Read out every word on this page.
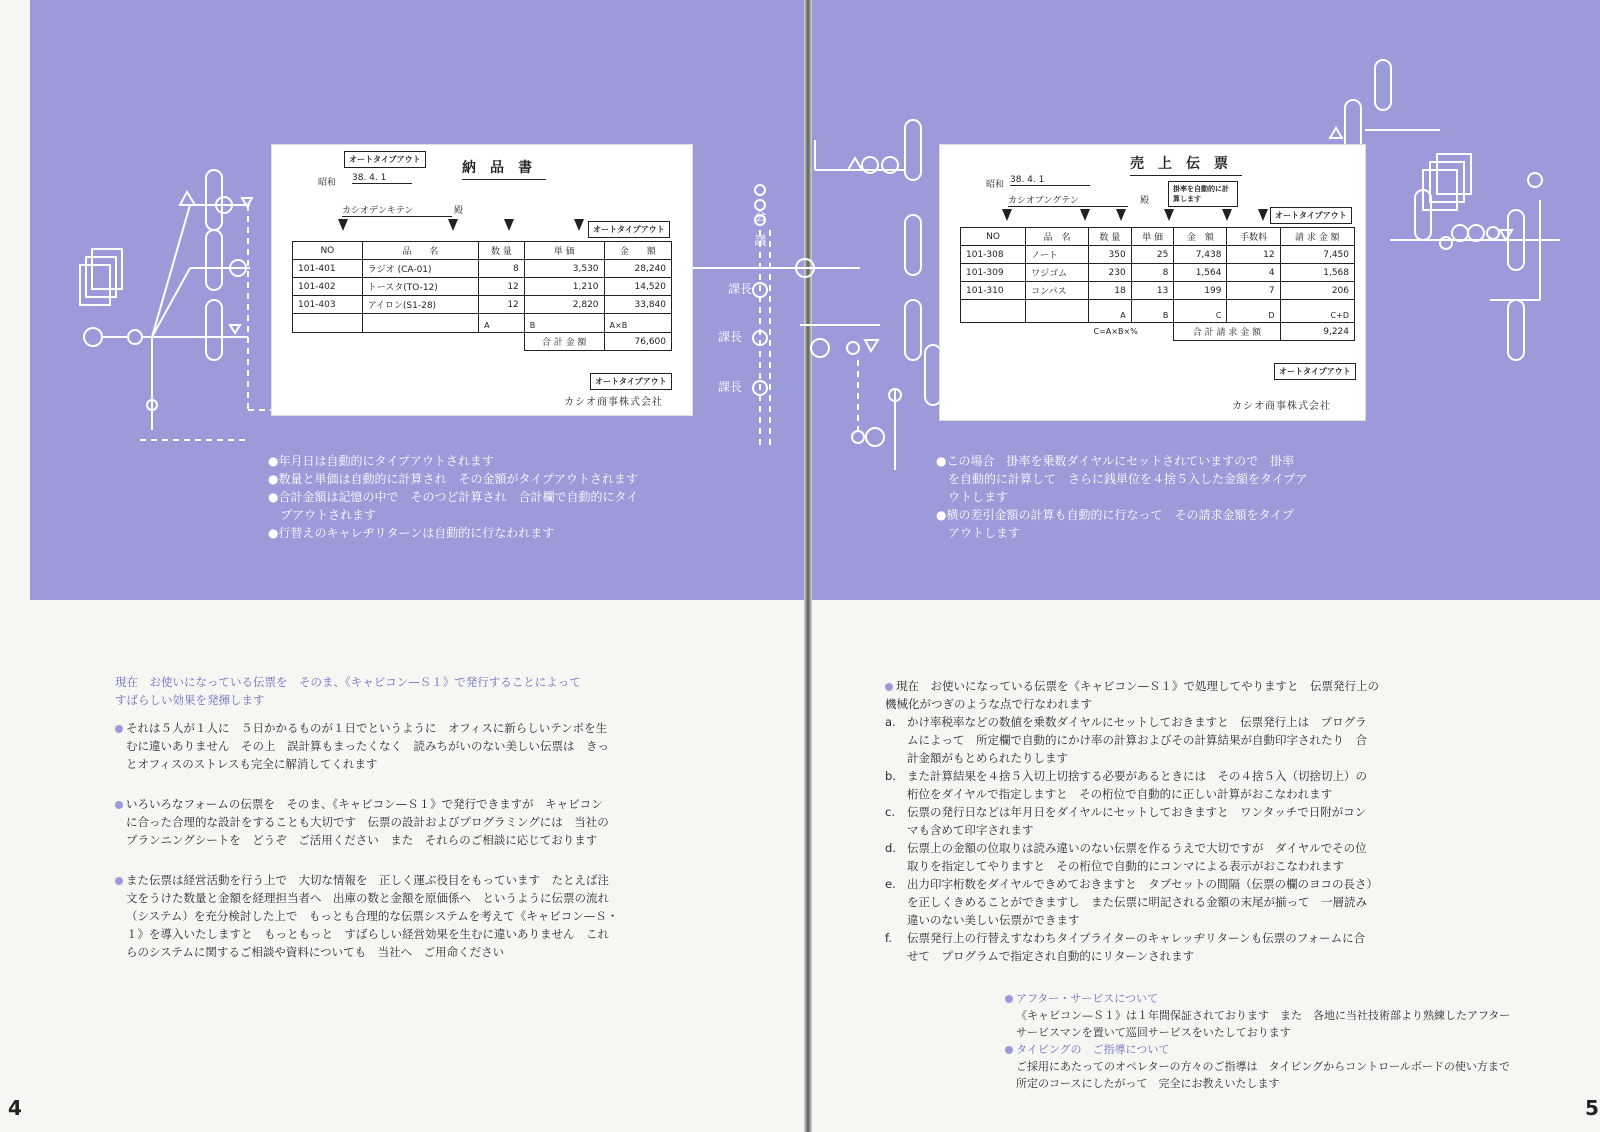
会 議
課長
課長
課長
オートタイプアウト
納品書
昭和 38. 4. 1
カシオデンキテン	殿
オートタイプアウト
NO	品　　名	数 量	単 価	金　　額
101-401	ラジオ (CA-01)	8	3,530	28,240
101-402	トースタ(TO-12)	12	1,210	14,520
101-403	アイロン(S1-28)	12	2,820	33,840
		A	B	A×B
			合 計 金 額	76,600
オートタイプアウト
カシオ商事株式会社
売上伝票
昭和 38. 4. 1
カシオブングテン	殿
掛率を自動的に計算します
オートタイプアウト
NO	品　名	数 量	単 価	金　額	手数料	請 求 金 額
101-308	ノート	350	25	7,438	12	7,450
101-309	ワジゴム	230	8	1,564	4	1,568
101-310	コンパス	18	13	199	7	206
		A	B	C	D	C+D
		C=A×B×%		合 計 請 求 金 額		9,224
オートタイプアウト
カシオ商事株式会社

●年月日は自動的にタイプアウトされます

●数量と単価は自動的に計算され　その金額がタイプアウトされます

●合計金額は記憶の中で　そのつど計算され　合計欄で自動的にタイ

　プアウトされます

●行替えのキャレヂリターンは自動的に行なわれます

●この場合　掛率を乗数ダイヤルにセットされていますので　掛率

　を自動的に計算して　さらに銭単位を４捨５入した金額をタイプア

　ウトします

●横の差引金額の計算も自動的に行なって　その請求金額をタイプ

　アウトします

現在　お使いになっている伝票を　そのま、《キャビコン—Ｓ１》で発行することによって

すばらしい効果を発揮します

それは５人が１人に　５日かかるものが１日でというように　オフィスに新らしいテンポを生

むに違いありません　その上　誤計算もまったくなく　読みちがいのない美しい伝票は　きっ

とオフィスのストレスも完全に解消してくれます

いろいろなフォームの伝票を　そのま、《キャビコン—Ｓ１》で発行できますが　キャビコン

に合った合理的な設計をすることも大切です　伝票の設計およびプログラミングには　当社の

プランニングシートを　どうぞ　ご活用ください　また　それらのご相談に応じております

また伝票は経営活動を行う上で　大切な情報を　正しく運ぶ役目をもっています　たとえば注

文をうけた数量と金額を経理担当者へ　出庫の数と金額を原価係へ　というように伝票の流れ

（システム）を充分検討した上で　もっとも合理的な伝票システムを考えて《キャビコン—Ｓ・

１》を導入いたしますと　もっともっと　すばらしい経営効果を生むに違いありません　これ

らのシステムに関するご相談や資料についても　当社へ　ご用命ください

現在　お使いになっている伝票を《キャビコン—Ｓ１》で処理してやりますと　伝票発行上の

機械化がつぎのような点で行なわれます

a. かけ率税率などの数値を乗数ダイヤルにセットしておきますと　伝票発行上は　プログラ

ムによって　所定欄で自動的にかけ率の計算およびその計算結果が自動印字されたり　合

計金額がもとめられたりします

b. また計算結果を４捨５入切上切捨する必要があるときには　その４捨５入（切捨切上）の

桁位をダイヤルで指定しますと　その桁位で自動的に正しい計算がおこなわれます

c. 伝票の発行日などは年月日をダイヤルにセットしておきますと　ワンタッチで日附がコン

マも含めて印字されます

d. 伝票上の金額の位取りは読み違いのない伝票を作るうえで大切ですが　ダイヤルでその位

取りを指定してやりますと　その桁位で自動的にコンマによる表示がおこなわれます

e. 出力印字桁数をダイヤルできめておきますと　タブセットの間隔（伝票の欄のヨコの長さ）

を正しくきめることができますし　また伝票に明記される金額の末尾が揃って　一層読み

違いのない美しい伝票ができます

f. 伝票発行上の行替えすなわちタイプライターのキャレッヂリターンも伝票のフォームに合

せて　プログラムで指定され自動的にリターンされます

アフター・サービスについて

《キャビコン—Ｓ１》は１年間保証されております　また　各地に当社技術部より熟練したアフター

サービスマンを置いて巡回サービスをいたしております

タイピングの　ご指導について

ご採用にあたってのオペレターの方々のご指導は　タイピングからコントロールボードの使い方まで

所定のコースにしたがって　完全にお教えいたします

4	5
